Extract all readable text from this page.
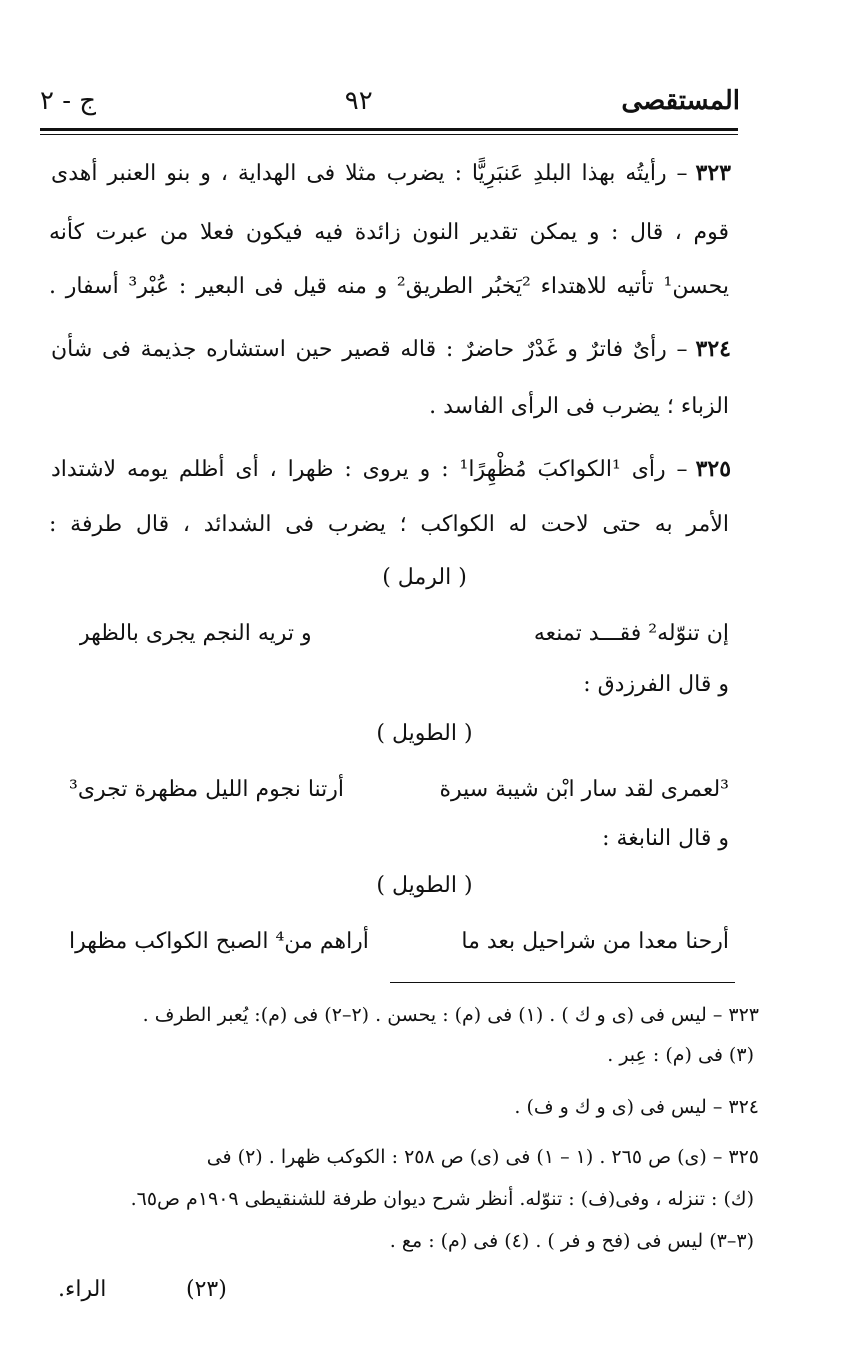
المستقصى
٩٢
ج - ٢
٣٢٣– رأيتُه بهذا البلدِ عَنبَرِيًّا : يضرب مثلا فى الهداية ، و بنو العنبر أهدى
قوم ، قال : و يمكن تقدير النون زائدة فيه فيكون فعلا من عبرت كأنه
يحسن¹ تأتيه للاهتداء ²يَخبُر الطريق² و منه قيل فى البعير : عُبْر³ أسفار .
٣٢٤– رأىٌ فاترٌ و غَدْرٌ حاضرٌ : قاله قصير حين استشاره جذيمة فى شأن
الزباء ؛ يضرب فى الرأى الفاسد .
٣٢٥– رأى ¹الكواكبَ مُظْهِرًا¹ : و يروى : ظهرا ، أى أظلم يومه لاشتداد
الأمر به حتى لاحت له الكواكب ؛ يضرب فى الشدائد ، قال طرفة :
( الرمل )
إن تنوّله² فقـــد تمنعه
و تريه النجم يجرى بالظهر
و قال الفرزدق :
( الطويل )
³لعمرى لقد سار ابْن شيبة سيرة
أرتنا نجوم الليل مظهرة تجرى³
و قال النابغة :
( الطويل )
أرحنا معدا من شراحيل بعد ما
أراهم من⁴ الصبح الكواكب مظهرا
٣٢٣ – ليس فى (ى و ك ) . (١) فى (م) : يحسن . (٢–٢) فى (م): يُعبر الطرف .
(٣) فى (م) : عِبر .
٣٢٤ – ليس فى (ى و ك و ف) .
٣٢٥ – (ى) ص ٢٦٥ . (١ – ١) فى (ى) ص ٢٥٨ : الكوكب ظهرا . (٢) فى
(ك) : تنزله ، وفى(ف) : تنوّله. أنظر شرح ديوان طرفة للشنقيطى ١٩٠٩م ص٦٥.
(٣–٣) ليس فى (فح و فر ) . (٤) فى (م) : مع .
(٢٣)
الراء.
